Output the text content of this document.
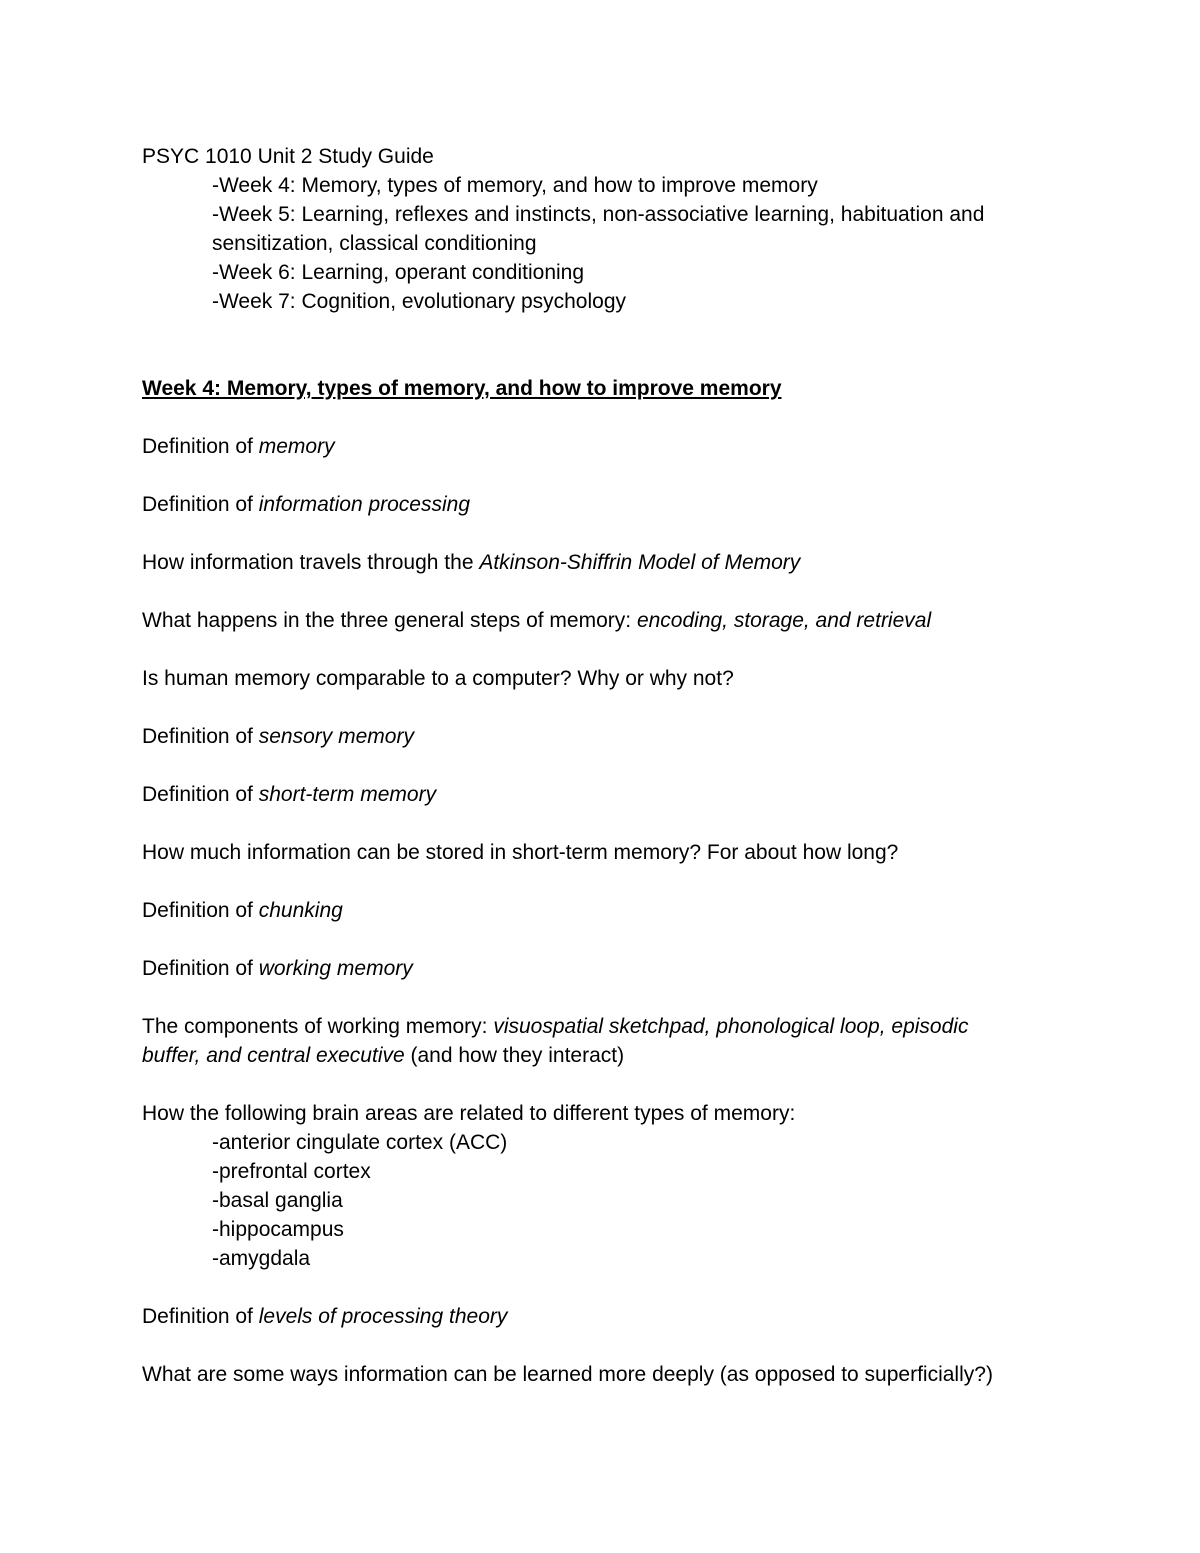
PSYC 1010 Unit 2 Study Guide

-Week 4: Memory, types of memory, and how to improve memory

-Week 5: Learning, reflexes and instincts, non-associative learning, habituation and sensitization, classical conditioning

-Week 6: Learning, operant conditioning

-Week 7: Cognition, evolutionary psychology

Week 4: Memory, types of memory, and how to improve memory

Definition of memory

Definition of information processing

How information travels through the Atkinson-Shiffrin Model of Memory

What happens in the three general steps of memory: encoding, storage, and retrieval

Is human memory comparable to a computer? Why or why not?

Definition of sensory memory

Definition of short-term memory

How much information can be stored in short-term memory? For about how long?

Definition of chunking

Definition of working memory

The components of working memory: visuospatial sketchpad, phonological loop, episodic buffer, and central executive (and how they interact)

How the following brain areas are related to different types of memory:

-anterior cingulate cortex (ACC)

-prefrontal cortex

-basal ganglia

-hippocampus

-amygdala

Definition of levels of processing theory

What are some ways information can be learned more deeply (as opposed to superficially?)
